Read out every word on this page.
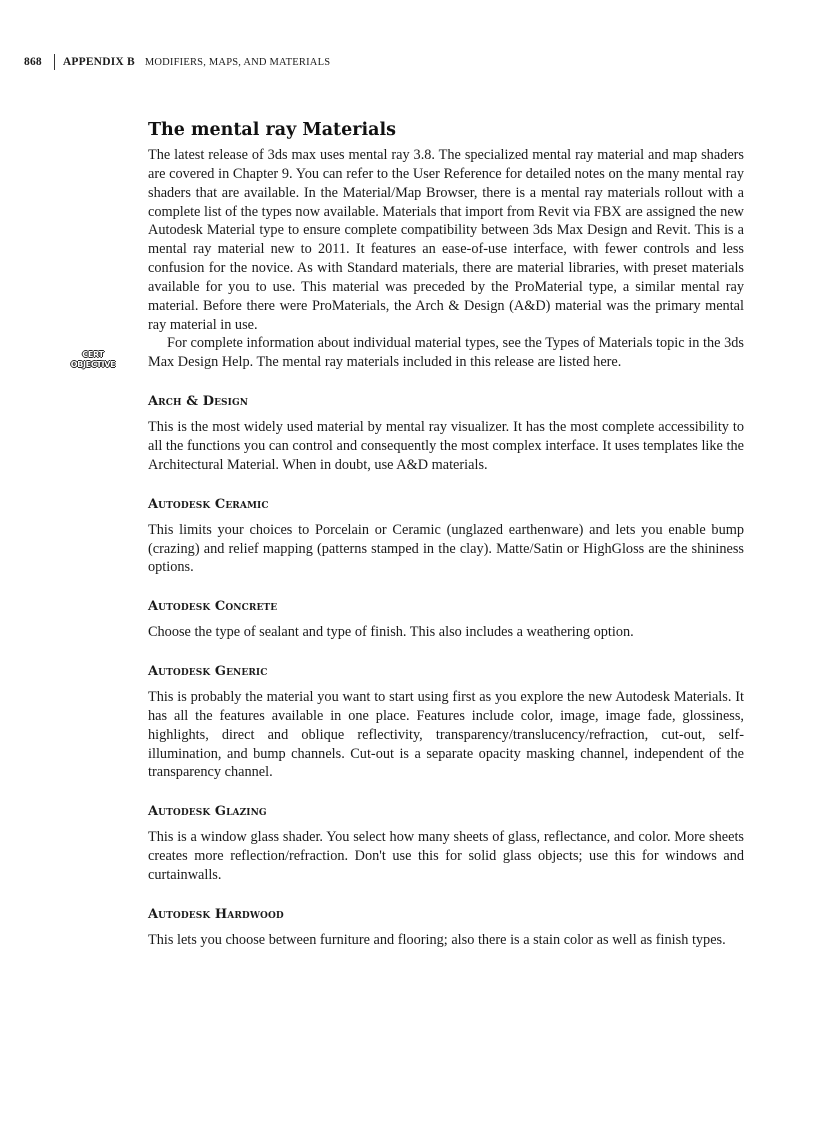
868 APPENDIX B MODIFIERS, MAPS, AND MATERIALS
CERT
OBJECTIVE
The mental ray Materials

The latest release of 3ds max uses mental ray 3.8. The specialized mental ray material and map shaders are covered in Chapter 9. You can refer to the User Reference for detailed notes on the many mental ray shaders that are available. In the Material/Map Browser, there is a mental ray materials rollout with a complete list of the types now available. Materials that import from Revit via FBX are assigned the new Autodesk Material type to ensure complete compatibility between 3ds Max Design and Revit. This is a mental ray material new to 2011. It features an ease-of-use interface, with fewer controls and less confusion for the novice. As with Standard materials, there are material libraries, with preset materials available for you to use. This material was preceded by the ProMaterial type, a similar mental ray material. Before there were ProMaterials, the Arch & Design (A&D) material was the primary mental ray material in use.

For complete information about individual material types, see the Types of Materials topic in the 3ds Max Design Help. The mental ray materials included in this release are listed here.

Arch & Design

This is the most widely used material by mental ray visualizer. It has the most complete accessibility to all the functions you can control and consequently the most complex interface. It uses templates like the Architectural Material. When in doubt, use A&D materials.

Autodesk Ceramic

This limits your choices to Porcelain or Ceramic (unglazed earthenware) and lets you enable bump (crazing) and relief mapping (patterns stamped in the clay). Matte/Satin or HighGloss are the shininess options.

Autodesk Concrete

Choose the type of sealant and type of finish. This also includes a weathering option.

Autodesk Generic

This is probably the material you want to start using first as you explore the new Autodesk Materials. It has all the features available in one place. Features include color, image, image fade, glossiness, highlights, direct and oblique reflectivity, transparency/translucency/refraction, cut-out, self-illumination, and bump channels. Cut-out is a separate opacity masking channel, independent of the transparency channel.

Autodesk Glazing

This is a window glass shader. You select how many sheets of glass, reflectance, and color. More sheets creates more reflection/refraction. Don't use this for solid glass objects; use this for windows and curtainwalls.

Autodesk Hardwood

This lets you choose between furniture and flooring; also there is a stain color as well as finish types.
